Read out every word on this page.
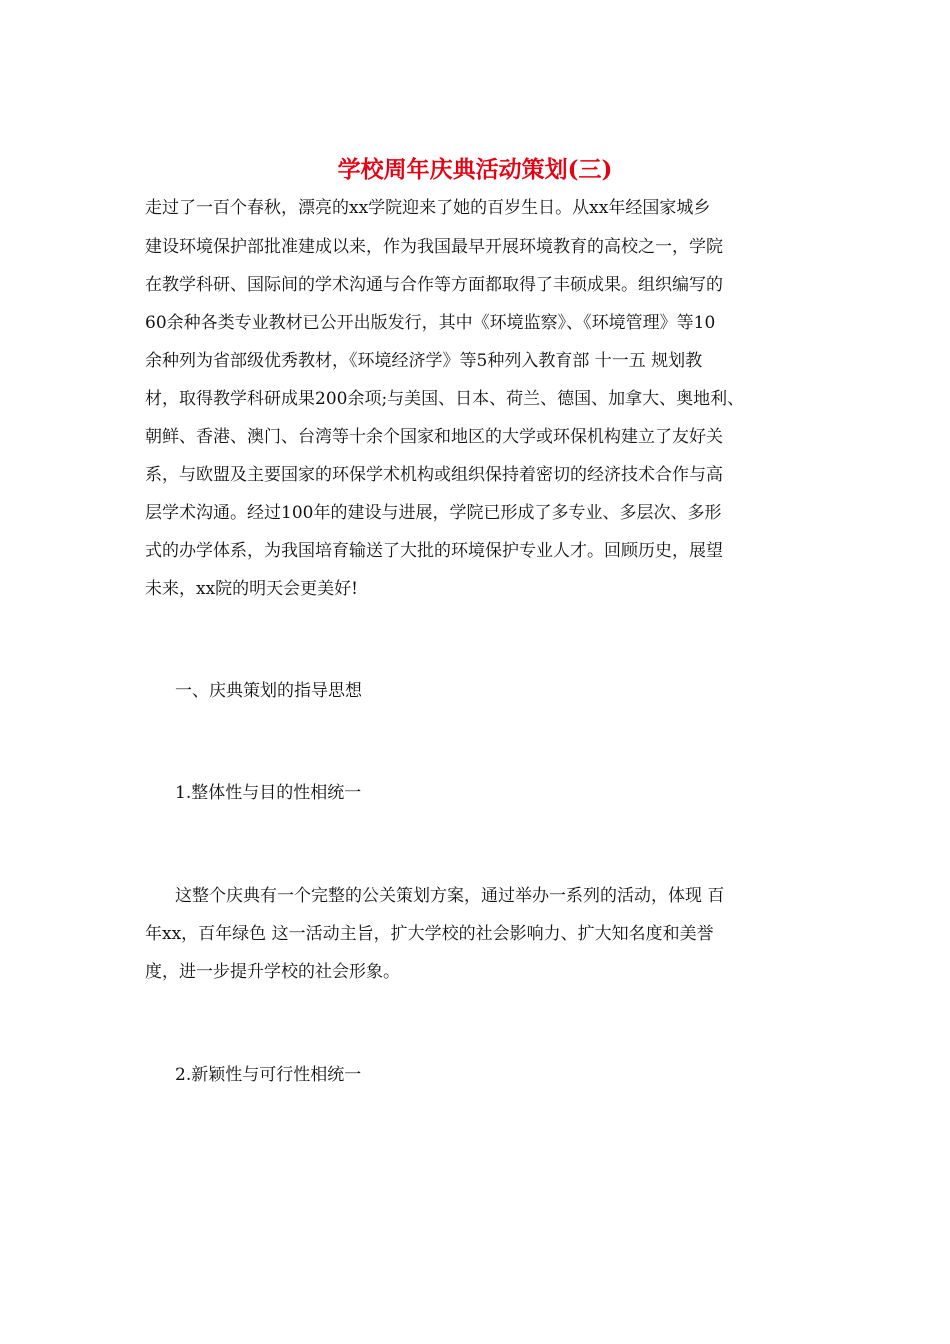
学校周年庆典活动策划(三)

走过了一百个春秋，漂亮的xx学院迎来了她的百岁生日。从xx年经国家城乡

建设环境保护部批准建成以来，作为我国最早开展环境教育的高校之一，学院

在教学科研、国际间的学术沟通与合作等方面都取得了丰硕成果。组织编写的

60余种各类专业教材已公开出版发行，其中《环境监察》、《环境管理》等10

余种列为省部级优秀教材，《环境经济学》等5种列入教育部 十一五 规划教

材，取得教学科研成果200余项;与美国、日本、荷兰、德国、加拿大、奥地利、

朝鲜、香港、澳门、台湾等十余个国家和地区的大学或环保机构建立了友好关

系，与欧盟及主要国家的环保学术机构或组织保持着密切的经济技术合作与高

层学术沟通。经过100年的建设与进展，学院已形成了多专业、多层次、多形

式的办学体系，为我国培育输送了大批的环境保护专业人才。回顾历史，展望

未来，xx院的明天会更美好!

一、庆典策划的指导思想

1.整体性与目的性相统一

这整个庆典有一个完整的公关策划方案，通过举办一系列的活动，体现 百

年xx，百年绿色 这一活动主旨，扩大学校的社会影响力、扩大知名度和美誉

度，进一步提升学校的社会形象。

2.新颖性与可行性相统一
